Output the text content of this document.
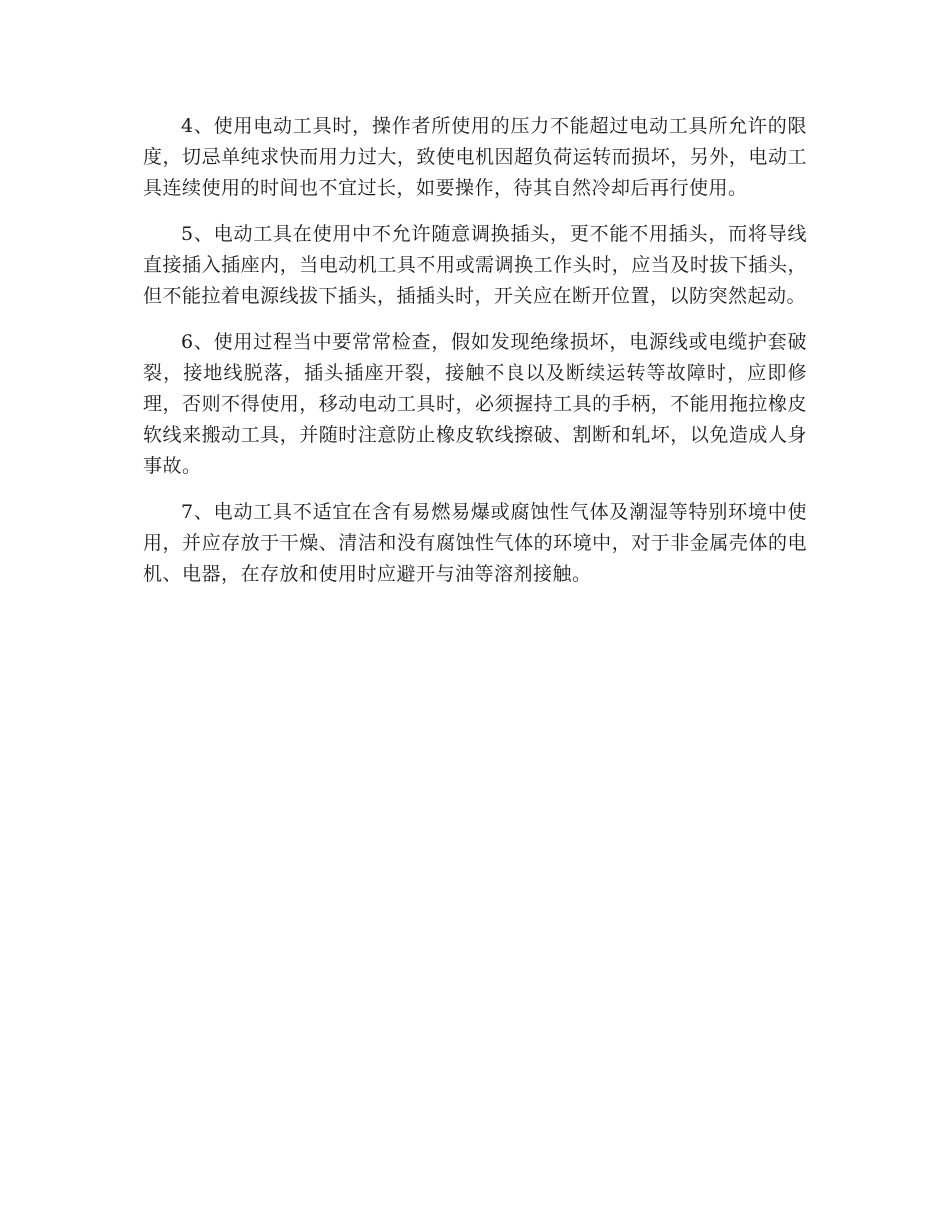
4、使用电动工具时，操作者所使用的压力不能超过电动工具所允许的限度，切忌单纯求快而用力过大，致使电机因超负荷运转而损坏，另外，电动工具连续使用的时间也不宜过长，如要操作，待其自然冷却后再行使用。

5、电动工具在使用中不允许随意调换插头，更不能不用插头，而将导线直接插入插座内，当电动机工具不用或需调换工作头时，应当及时拔下插头，但不能拉着电源线拔下插头，插插头时，开关应在断开位置，以防突然起动。

6、使用过程当中要常常检查，假如发现绝缘损坏，电源线或电缆护套破裂，接地线脱落，插头插座开裂，接触不良以及断续运转等故障时，应即修理，否则不得使用，移动电动工具时，必须握持工具的手柄，不能用拖拉橡皮软线来搬动工具，并随时注意防止橡皮软线擦破、割断和轧坏，以免造成人身事故。

7、电动工具不适宜在含有易燃易爆或腐蚀性气体及潮湿等特别环境中使用，并应存放于干燥、清洁和没有腐蚀性气体的环境中，对于非金属壳体的电机、电器，在存放和使用时应避开与油等溶剂接触。
